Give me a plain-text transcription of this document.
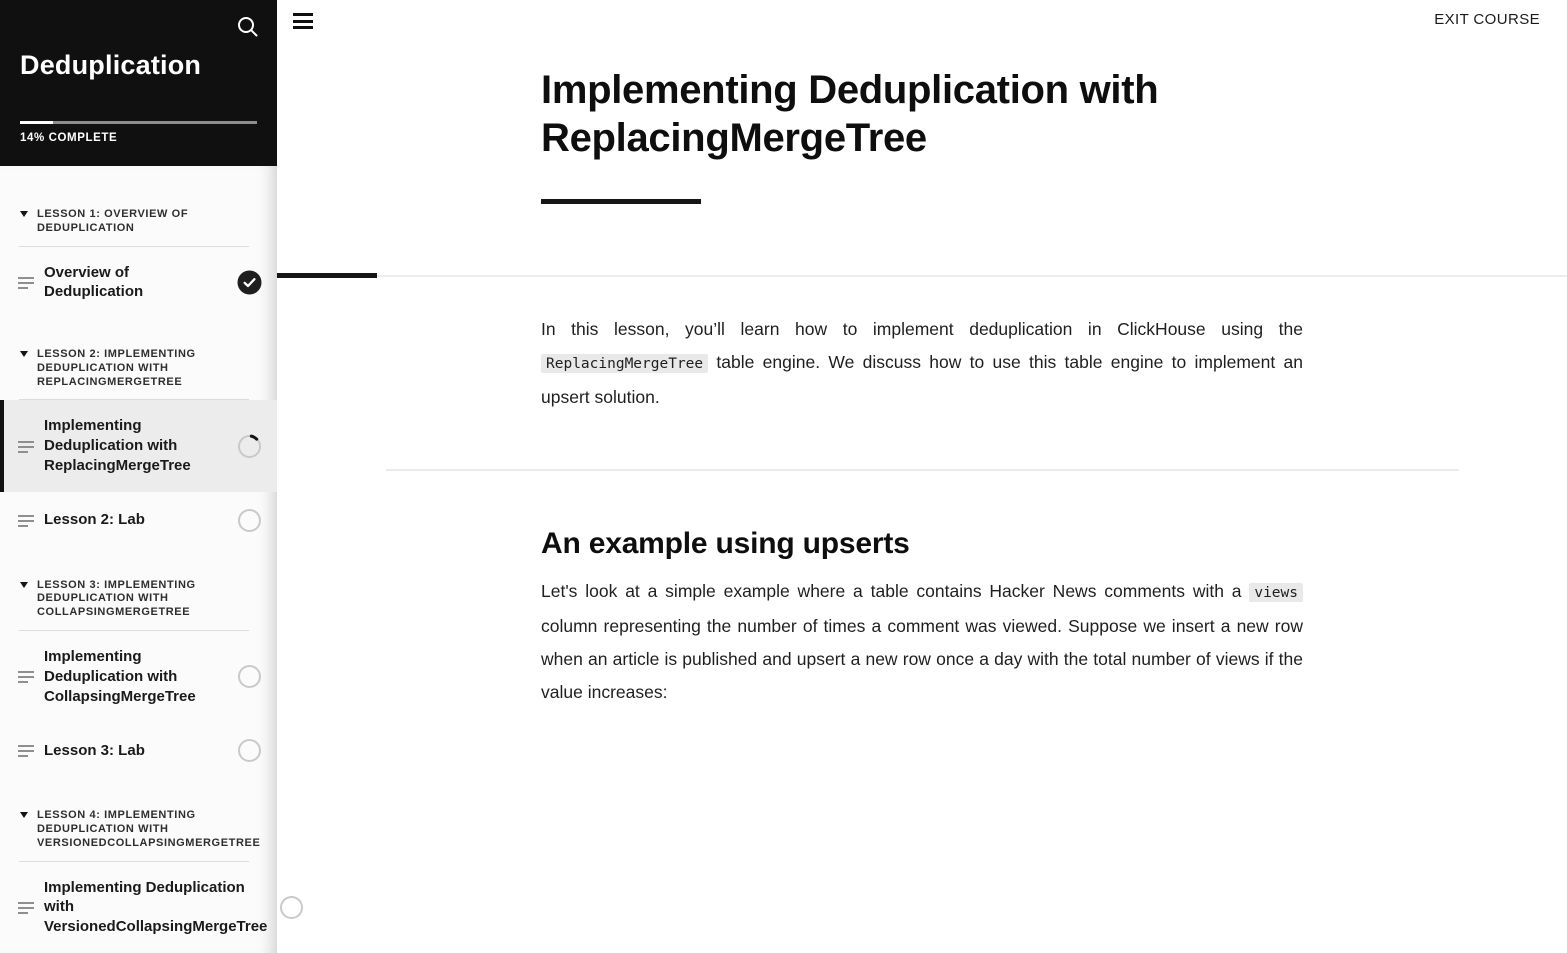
Deduplication
14% COMPLETE
LESSON 1: OVERVIEW OF DEDUPLICATION
Overview of Deduplication
LESSON 2: IMPLEMENTING DEDUPLICATION WITH REPLACINGMERGETREE
Implementing Deduplication with ReplacingMergeTree
Lesson 2: Lab
LESSON 3: IMPLEMENTING DEDUPLICATION WITH COLLAPSINGMERGETREE
Implementing Deduplication with CollapsingMergeTree
Lesson 3: Lab
LESSON 4: IMPLEMENTING DEDUPLICATION WITH VERSIONEDCOLLAPSINGMERGETREE
Implementing Deduplication with VersionedCollapsingMergeTree
EXIT COURSE
Implementing Deduplication with ReplacingMergeTree

In this lesson, you’ll learn how to implement deduplication in ClickHouse using the ReplacingMergeTree table engine. We discuss how to use this table engine to implement an upsert solution.

An example using upserts

Let's look at a simple example where a table contains Hacker News comments with a views column representing the number of times a comment was viewed. Suppose we insert a new row when an article is published and upsert a new row once a day with the total number of views if the value increases:
